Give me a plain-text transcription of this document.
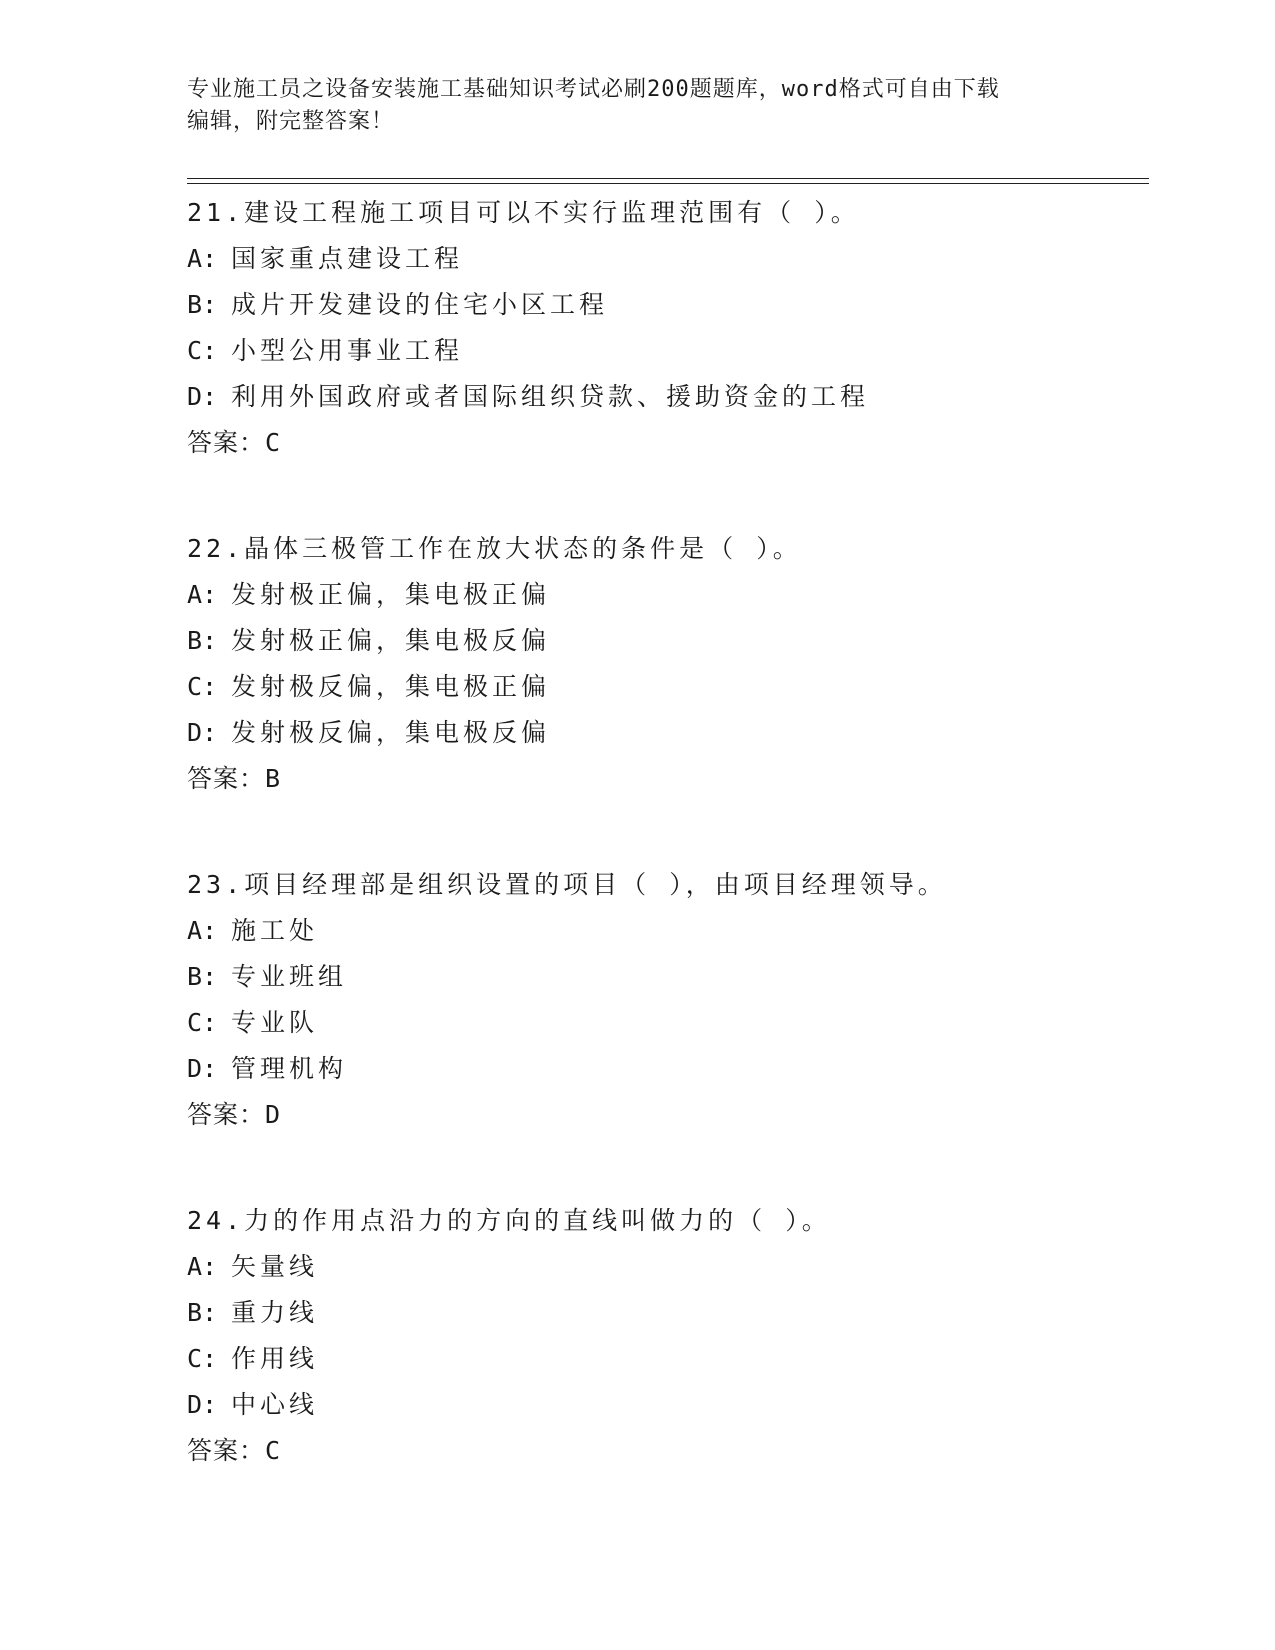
专业施工员之设备安装施工基础知识考试必刷200题题库，word格式可自由下载
编辑，附完整答案！
21.建设工程施工项目可以不实行监理范围有（ ）。
A: 国家重点建设工程
B: 成片开发建设的住宅小区工程
C: 小型公用事业工程
D: 利用外国政府或者国际组织贷款、援助资金的工程
答案：C
22.晶体三极管工作在放大状态的条件是（ ）。
A: 发射极正偏，集电极正偏
B: 发射极正偏，集电极反偏
C: 发射极反偏，集电极正偏
D: 发射极反偏，集电极反偏
答案：B
23.项目经理部是组织设置的项目（ ），由项目经理领导。
A: 施工处
B: 专业班组
C: 专业队
D: 管理机构
答案：D
24.力的作用点沿力的方向的直线叫做力的（ ）。
A: 矢量线
B: 重力线
C: 作用线
D: 中心线
答案：C
